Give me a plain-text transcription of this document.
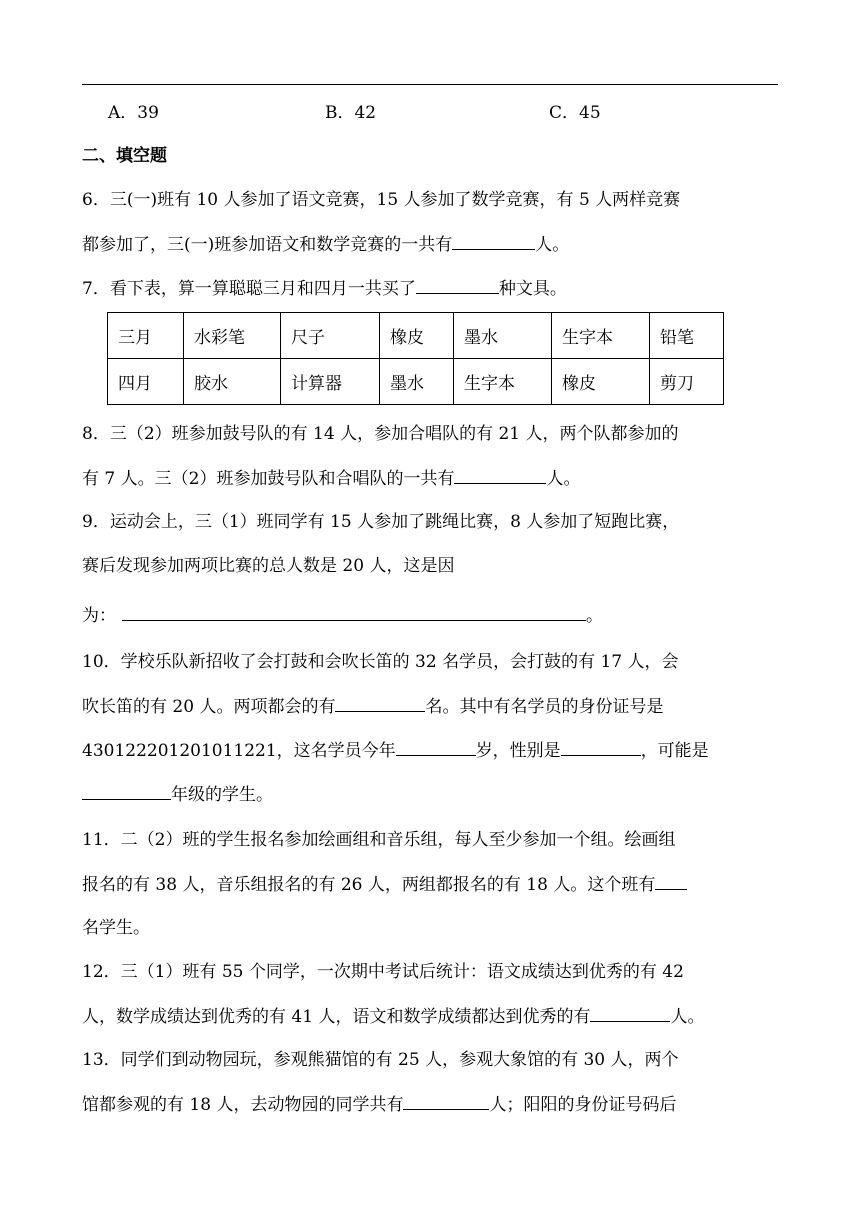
A．39	B．42	C．45
二、填空题
6．三(一)班有 10 人参加了语文竞赛，15 人参加了数学竞赛，有 5 人两样竞赛
都参加了，三(一)班参加语文和数学竞赛的一共有	人。
7．看下表，算一算聪聪三月和四月一共买了	种文具。
三月	水彩笔	尺子	橡皮	墨水	生字本	铅笔
四月	胶水	计算器	墨水	生字本	橡皮	剪刀
8．三（2）班参加鼓号队的有 14 人，参加合唱队的有 21 人，两个队都参加的
有 7 人。三（2）班参加鼓号队和合唱队的一共有	人。
9．运动会上，三（1）班同学有 15 人参加了跳绳比赛，8 人参加了短跑比赛，
赛后发现参加两项比赛的总人数是 20 人，这是因
为：	。
10．学校乐队新招收了会打鼓和会吹长笛的 32 名学员，会打鼓的有 17 人，会
吹长笛的有 20 人。两项都会的有	名。其中有名学员的身份证号是
430122201201011221，这名学员今年	岁，性别是	，可能是
年级的学生。
11．二（2）班的学生报名参加绘画组和音乐组，每人至少参加一个组。绘画组
报名的有 38 人，音乐组报名的有 26 人，两组都报名的有 18 人。这个班有
名学生。
12．三（1）班有 55 个同学，一次期中考试后统计：语文成绩达到优秀的有 42
人，数学成绩达到优秀的有 41 人，语文和数学成绩都达到优秀的有	人。
13．同学们到动物园玩，参观熊猫馆的有 25 人，参观大象馆的有 30 人，两个
馆都参观的有 18 人，去动物园的同学共有	人；阳阳的身份证号码后
